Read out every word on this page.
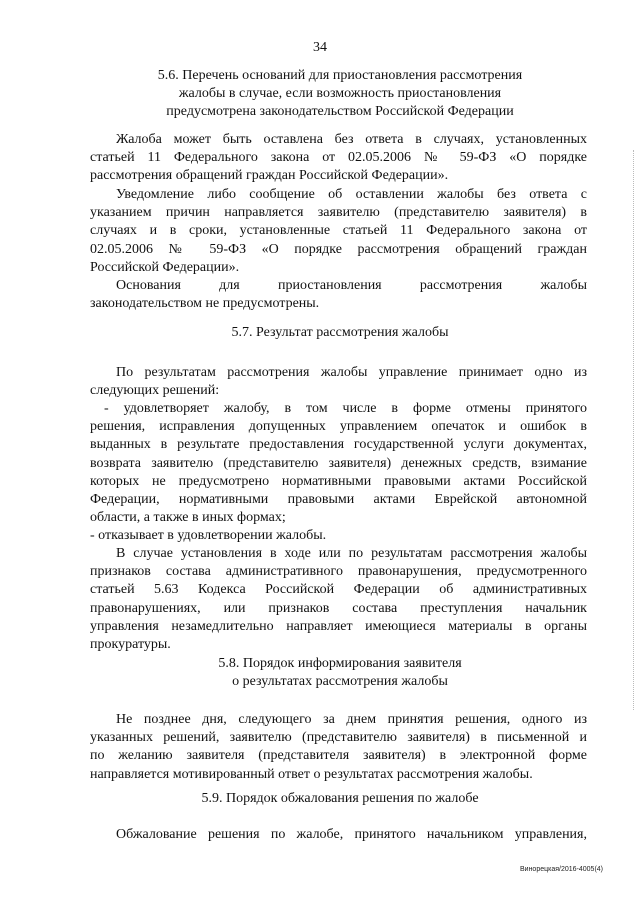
34
5.6. Перечень оснований для приостановления рассмотрения
жалобы в случае, если возможность приостановления
предусмотрена законодательством Российской Федерации
Жалоба может быть оставлена без ответа в случаях, установленных
статьей 11 Федерального закона от 02.05.2006 № 59-ФЗ «О порядке
рассмотрения обращений граждан Российской Федерации».
Уведомление либо сообщение об оставлении жалобы без ответа с
указанием причин направляется заявителю (представителю заявителя) в
случаях и в сроки, установленные статьей 11 Федерального закона от
02.05.2006 № 59-ФЗ «О порядке рассмотрения обращений граждан
Российской Федерации».
Основания для приостановления рассмотрения жалобы
законодательством не предусмотрены.
5.7. Результат рассмотрения жалобы
По результатам рассмотрения жалобы управление принимает одно из
следующих решений:
- удовлетворяет жалобу, в том числе в форме отмены принятого
решения, исправления допущенных управлением опечаток и ошибок в
выданных в результате предоставления государственной услуги документах,
возврата заявителю (представителю заявителя) денежных средств, взимание
которых не предусмотрено нормативными правовыми актами Российской
Федерации, нормативными правовыми актами Еврейской автономной
области, а также в иных формах;
- отказывает в удовлетворении жалобы.
В случае установления в ходе или по результатам рассмотрения жалобы
признаков состава административного правонарушения, предусмотренного
статьей 5.63 Кодекса Российской Федерации об административных
правонарушениях, или признаков состава преступления начальник
управления незамедлительно направляет имеющиеся материалы в органы
прокуратуры.
5.8. Порядок информирования заявителя
о результатах рассмотрения жалобы
Не позднее дня, следующего за днем принятия решения, одного из
указанных решений, заявителю (представителю заявителя) в письменной и
по желанию заявителя (представителя заявителя) в электронной форме
направляется мотивированный ответ о результатах рассмотрения жалобы.
5.9. Порядок обжалования решения по жалобе
Обжалование решения по жалобе, принятого начальником управления,
Винорецкая/2016-4005(4)
